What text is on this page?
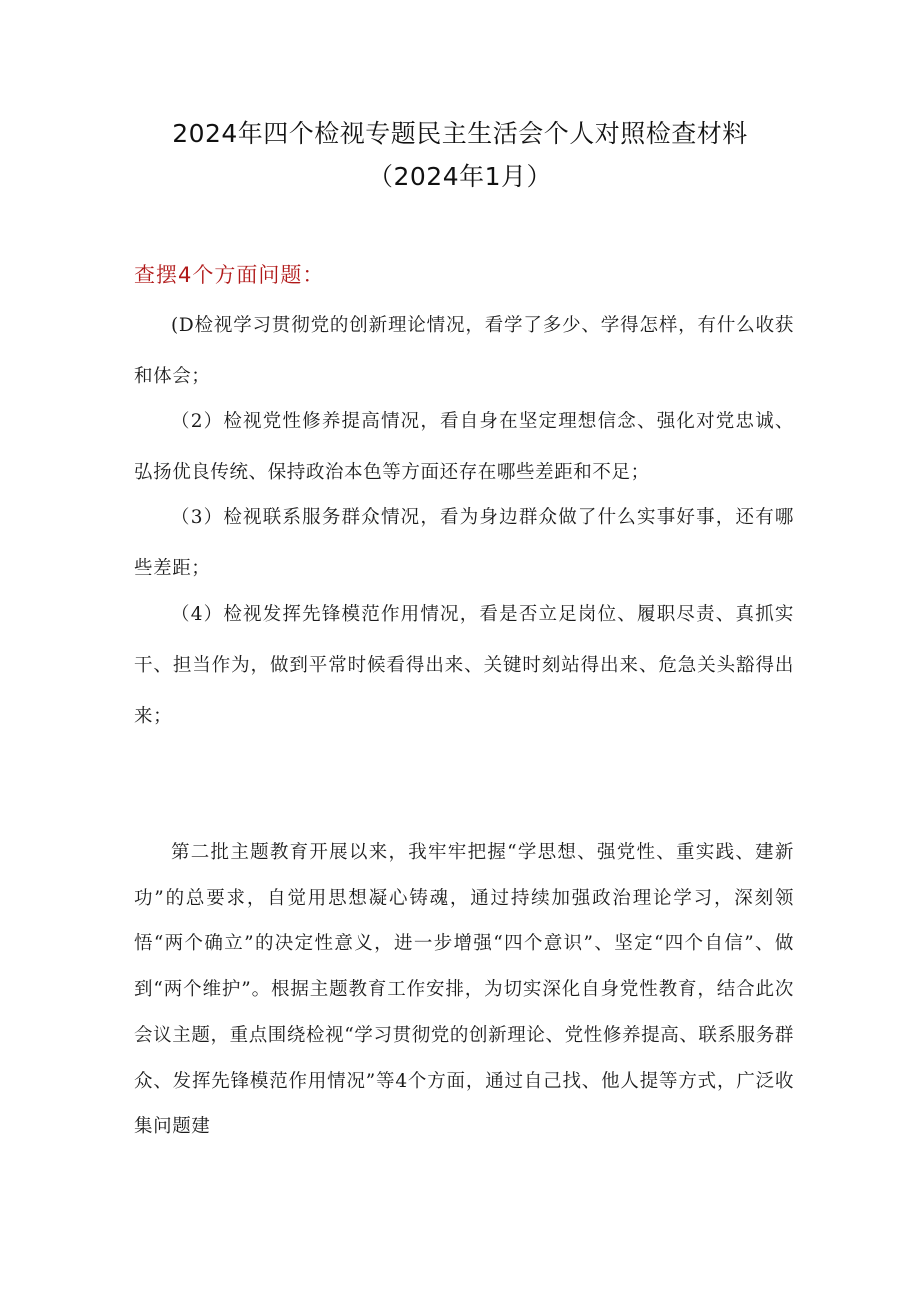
2024年四个检视专题民主生活会个人对照检查材料
（2024年1月）
查摆4个方面问题：

(D检视学习贯彻党的创新理论情况，看学了多少、学得怎样，有什么收获和体会；

（2）检视党性修养提高情况，看自身在坚定理想信念、强化对党忠诚、弘扬优良传统、保持政治本色等方面还存在哪些差距和不足；

（3）检视联系服务群众情况，看为身边群众做了什么实事好事，还有哪些差距；

（4）检视发挥先锋模范作用情况，看是否立足岗位、履职尽责、真抓实干、担当作为，做到平常时候看得出来、关键时刻站得出来、危急关头豁得出来；

第二批主题教育开展以来，我牢牢把握“学思想、强党性、重实践、建新功”的总要求，自觉用思想凝心铸魂，通过持续加强政治理论学习，深刻领悟“两个确立”的决定性意义，进一步增强“四个意识”、坚定“四个自信”、做到“两个维护”。根据主题教育工作安排，为切实深化自身党性教育，结合此次会议主题，重点围绕检视“学习贯彻党的创新理论、党性修养提高、联系服务群众、发挥先锋模范作用情况”等4个方面，通过自己找、他人提等方式，广泛收集问题建
